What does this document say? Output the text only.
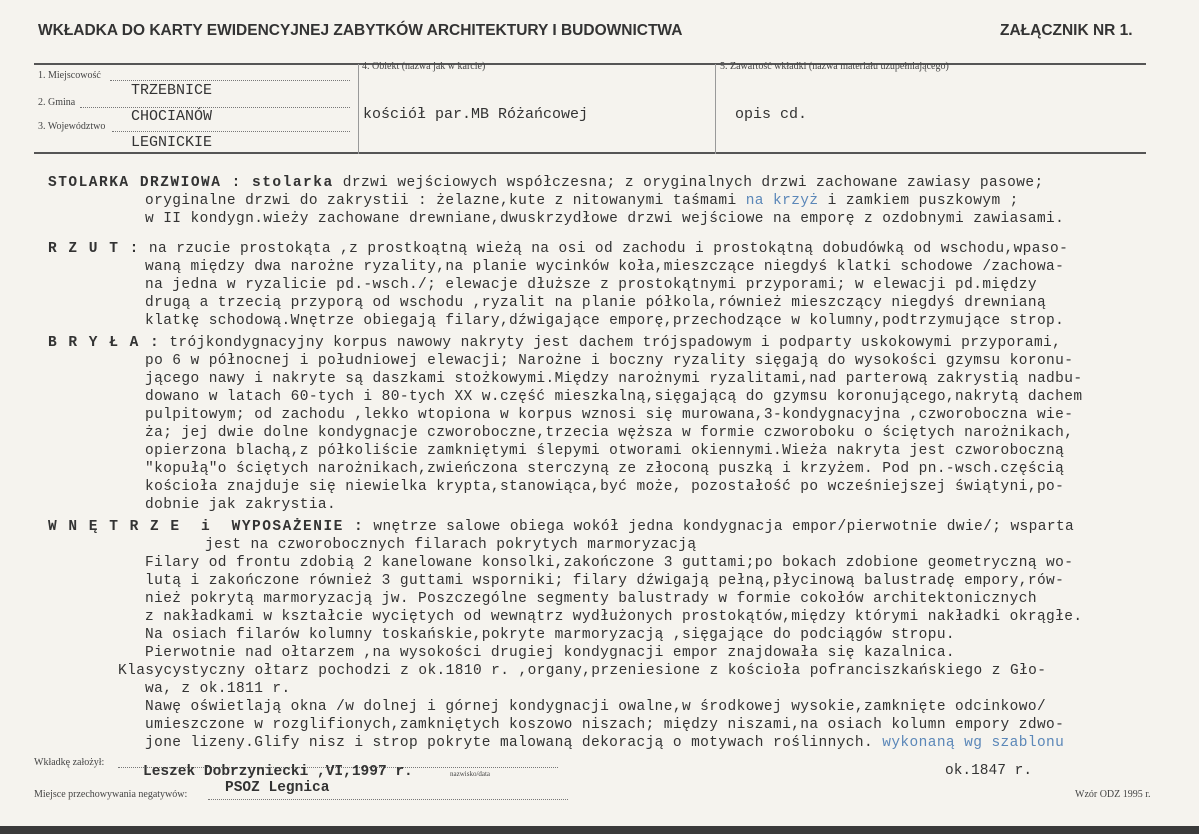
WKŁADKA DO KARTY EWIDENCYJNEJ ZABYTKÓW ARCHITEKTURY I BUDOWNICTWA	ZAŁĄCZNIK NR 1.
1. Miejscowość
TRZEBNICE
2. Gmina
CHOCIANÓW
3. Województwo
LEGNICKIE
4. Obiekt (nazwa jak w karcie)
kościół par.MB Różańcowej
5. Zawartość wkładki (nazwa materiału uzupełniającego)
opis cd.
STOLARKA DRZWIOWA : stolarka drzwi wejściowych współczesna; z oryginalnych drzwi zachowane zawiasy pasowe;
oryginalne drzwi do zakrystii : żelazne,kute z nitowanymi taśmami na krzyż i zamkiem puszkowym ;
w II kondygn.wieży zachowane drewniane,dwuskrzydłowe drzwi wejściowe na emporę z ozdobnymi zawiasami.
R Z U T : na rzucie prostokąta ,z prostkoątną wieżą na osi od zachodu i prostokątną dobudówką od wschodu,wpaso-
waną między dwa narożne ryzality,na planie wycinków koła,mieszczące niegdyś klatki schodowe /zachowa-
na jedna w ryzalicie pd.-wsch./; elewacje dłuższe z prostokątnymi przyporami; w elewacji pd.między
drugą a trzecią przyporą od wschodu ,ryzalit na planie półkola,również mieszczący niegdyś drewnianą
klatkę schodową.Wnętrze obiegają filary,dźwigające emporę,przechodzące w kolumny,podtrzymujące strop.
B R Y Ł A : trójkondygnacyjny korpus nawowy nakryty jest dachem trójspadowym i podparty uskokowymi przyporami,
po 6 w północnej i południowej elewacji; Narożne i boczny ryzality sięgają do wysokości gzymsu koronu-
jącego nawy i nakryte są daszkami stożkowymi.Między narożnymi ryzalitami,nad parterową zakrystią nadbu-
dowano w latach 60-tych i 80-tych XX w.część mieszkalną,sięgającą do gzymsu koronującego,nakrytą dachem
pulpitowym; od zachodu ,lekko wtopiona w korpus wznosi się murowana,3-kondygnacyjna ,czworoboczna wie-
ża; jej dwie dolne kondygnacje czworoboczne,trzecia węższa w formie czworoboku o ściętych narożnikach,
opierzona blachą,z półkoliście zamkniętymi ślepymi otworami okiennymi.Wieża nakryta jest czworoboczną
"kopułą"o ściętych narożnikach,zwieńczona sterczyną ze złoconą puszką i krzyżem. Pod pn.-wsch.częścią
kościoła znajduje się niewielka krypta,stanowiąca,być może, pozostałość po wcześniejszej świątyni,po-
dobnie jak zakrystia.
W N Ę T R Z E  i  WYPOSAŻENIE : wnętrze salowe obiega wokół jedna kondygnacja empor/pierwotnie dwie/; wsparta
jest na czworobocznych filarach pokrytych marmoryzacją
Filary od frontu zdobią 2 kanelowane konsolki,zakończone 3 guttami;po bokach zdobione geometryczną wo-
lutą i zakończone również 3 guttami wsporniki; filary dźwigają pełną,płycinową balustradę empory,rów-
nież pokrytą marmoryzacją jw. Poszczególne segmenty balustrady w formie cokołów architektonicznych
z nakładkami w kształcie wyciętych od wewnątrz wydłużonych prostokątów,między którymi nakładki okrągłe.
Na osiach filarów kolumny toskańskie,pokryte marmoryzacją ,sięgające do podciągów stropu.
Pierwotnie nad ołtarzem ,na wysokości drugiej kondygnacji empor znajdowała się kazalnica.
Klasycystyczny ołtarz pochodzi z ok.1810 r. ,organy,przeniesione z kościoła pofranciszkańskiego z Gło-
wa, z ok.1811 r.
Nawę oświetlają okna /w dolnej i górnej kondygnacji owalne,w środkowej wysokie,zamknięte odcinkowo/
umieszczone w rozglifionych,zamkniętych koszowo niszach; między niszami,na osiach kolumn empory zdwo-
jone lizeny.Glify nisz i strop pokryte malowaną dekoracją o motywach roślinnych. wykonaną wg szablonu
ok.1847 r.
Wkładkę założył:
Leszek Dobrzyniecki ,VI,1997 r.	nazwisko/data
PSOZ Legnica
Miejsce przechowywania negatywów:	Wzór ODZ 1995 r.
